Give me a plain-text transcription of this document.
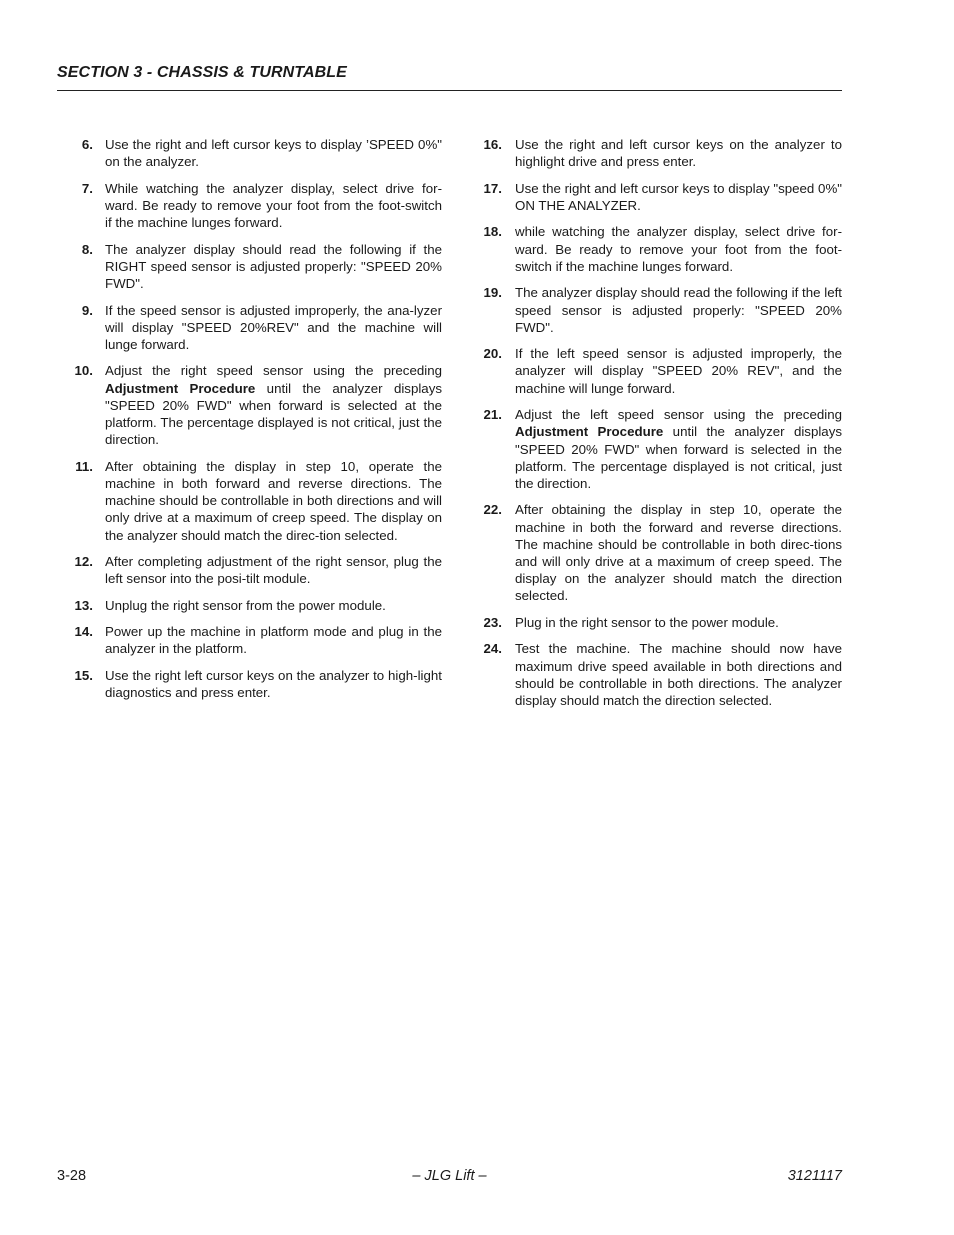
SECTION 3 - CHASSIS & TURNTABLE
6. Use the right and left cursor keys to display ’SPEED 0%" on the analyzer.
7. While watching the analyzer display, select drive for-ward. Be ready to remove your foot from the foot-switch if the machine lunges forward.
8. The analyzer display should read the following if the RIGHT speed sensor is adjusted properly: "SPEED 20% FWD".
9. If the speed sensor is adjusted improperly, the ana-lyzer will display "SPEED 20%REV" and the machine will lunge forward.
10. Adjust the right speed sensor using the preceding Adjustment Procedure until the analyzer displays "SPEED 20% FWD" when forward is selected at the platform. The percentage displayed is not critical, just the direction.
11. After obtaining the display in step 10, operate the machine in both forward and reverse directions. The machine should be controllable in both directions and will only drive at a maximum of creep speed. The display on the analyzer should match the direc-tion selected.
12. After completing adjustment of the right sensor, plug the left sensor into the posi-tilt module.
13. Unplug the right sensor from the power module.
14. Power up the machine in platform mode and plug in the analyzer in the platform.
15. Use the right left cursor keys on the analyzer to high-light diagnostics and press enter.
16. Use the right and left cursor keys on the analyzer to highlight drive and press enter.
17. Use the right and left cursor keys to display "speed 0%" ON THE ANALYZER.
18. while watching the analyzer display, select drive for-ward. Be ready to remove your foot from the foot-switch if the machine lunges forward.
19. The analyzer display should read the following if the left speed sensor is adjusted properly: "SPEED 20% FWD".
20. If the left speed sensor is adjusted improperly, the analyzer will display "SPEED 20% REV", and the machine will lunge forward.
21. Adjust the left speed sensor using the preceding Adjustment Procedure until the analyzer displays "SPEED 20% FWD" when forward is selected in the platform. The percentage displayed is not critical, just the direction.
22. After obtaining the display in step 10, operate the machine in both the forward and reverse directions. The machine should be controllable in both direc-tions and will only drive at a maximum of creep speed. The display on the analyzer should match the direction selected.
23. Plug in the right sensor to the power module.
24. Test the machine. The machine should now have maximum drive speed available in both directions and should be controllable in both directions. The analyzer display should match the direction selected.
3-28	– JLG Lift –	3121117
